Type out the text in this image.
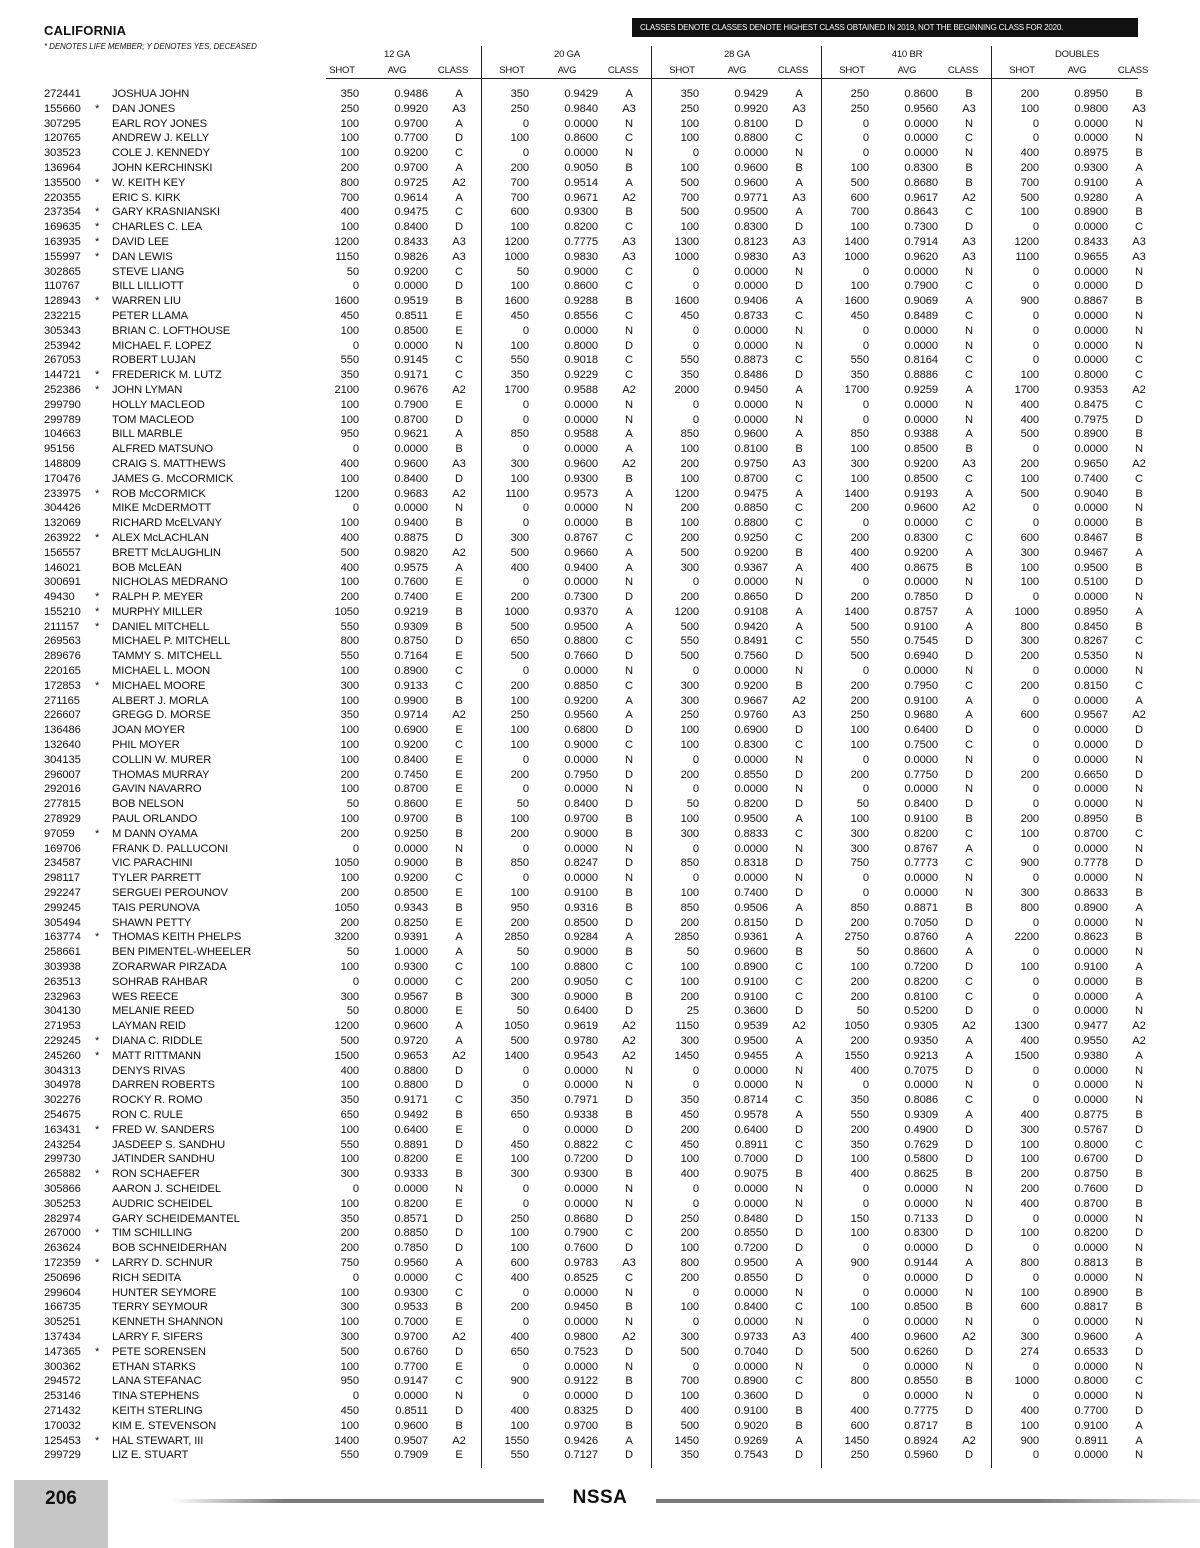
CALIFORNIA
* DENOTES LIFE MEMBER; Y DENOTES YES, DECEASED
CLASSES DENOTE CLASSES DENOTE HIGHEST CLASS OBTAINED IN 2019, NOT THE BEGINNING CLASS FOR 2020.
12 GA
SHOT	AVG	CLASS
20 GA
SHOT	AVG	CLASS
28 GA
SHOT	AVG	CLASS
410 BR
SHOT	AVG	CLASS
DOUBLES
SHOT	AVG	CLASS
272441	JOSHUA JOHN	350	0.9486	A	350	0.9429	A	350	0.9429	A	250	0.8600	B	200	0.8950	B
155660 * DAN JONES	250	0.9920	A3	250	0.9840	A3	250	0.9920	A3	250	0.9560	A3	100	0.9800	A3
307295	EARL ROY JONES	100	0.9700	A	0	0.0000	N	100	0.8100	D	0	0.0000	N	0	0.0000	N
120765	ANDREW J. KELLY	100	0.7700	D	100	0.8600	C	100	0.8800	C	0	0.0000	C	0	0.0000	N
303523	COLE J. KENNEDY	100	0.9200	C	0	0.0000	N	0	0.0000	N	0	0.0000	N	400	0.8975	B
136964	JOHN KERCHINSKI	200	0.9700	A	200	0.9050	B	100	0.9600	B	100	0.8300	B	200	0.9300	A
135500 * W. KEITH KEY	800	0.9725	A2	700	0.9514	A	500	0.9600	A	500	0.8680	B	700	0.9100	A
220355	ERIC S. KIRK	700	0.9614	A	700	0.9671	A2	700	0.9771	A3	600	0.9617	A2	500	0.9280	A
237354 * GARY KRASNIANSKI	400	0.9475	C	600	0.9300	B	500	0.9500	A	700	0.8643	C	100	0.8900	B
169635 * CHARLES C. LEA	100	0.8400	D	100	0.8200	C	100	0.8300	D	100	0.7300	D	0	0.0000	C
163935 * DAVID LEE	1200	0.8433	A3	1200	0.7775	A3	1300	0.8123	A3	1400	0.7914	A3	1200	0.8433	A3
155997 * DAN LEWIS	1150	0.9826	A3	1000	0.9830	A3	1000	0.9830	A3	1000	0.9620	A3	1100	0.9655	A3
302865	STEVE LIANG	50	0.9200	C	50	0.9000	C	0	0.0000	N	0	0.0000	N	0	0.0000	N
110767	BILL LILLIOTT	0	0.0000	D	100	0.8600	C	0	0.0000	D	100	0.7900	C	0	0.0000	D
128943 * WARREN LIU	1600	0.9519	B	1600	0.9288	B	1600	0.9406	A	1600	0.9069	A	900	0.8867	B
232215	PETER LLAMA	450	0.8511	E	450	0.8556	C	450	0.8733	C	450	0.8489	C	0	0.0000	N
305343	BRIAN C. LOFTHOUSE	100	0.8500	E	0	0.0000	N	0	0.0000	N	0	0.0000	N	0	0.0000	N
253942	MICHAEL F. LOPEZ	0	0.0000	N	100	0.8000	D	0	0.0000	N	0	0.0000	N	0	0.0000	N
267053	ROBERT LUJAN	550	0.9145	C	550	0.9018	C	550	0.8873	C	550	0.8164	C	0	0.0000	C
144721 * FREDERICK M. LUTZ	350	0.9171	C	350	0.9229	C	350	0.8486	D	350	0.8886	C	100	0.8000	C
252386 * JOHN LYMAN	2100	0.9676	A2	1700	0.9588	A2	2000	0.9450	A	1700	0.9259	A	1700	0.9353	A2
299790	HOLLY MACLEOD	100	0.7900	E	0	0.0000	N	0	0.0000	N	0	0.0000	N	400	0.8475	C
299789	TOM MACLEOD	100	0.8700	D	0	0.0000	N	0	0.0000	N	0	0.0000	N	400	0.7975	D
104663	BILL MARBLE	950	0.9621	A	850	0.9588	A	850	0.9600	A	850	0.9388	A	500	0.8900	B
95156	ALFRED MATSUNO	0	0.0000	B	0	0.0000	A	100	0.8100	B	100	0.8500	B	0	0.0000	N
148809	CRAIG S. MATTHEWS	400	0.9600	A3	300	0.9600	A2	200	0.9750	A3	300	0.9200	A3	200	0.9650	A2
170476	JAMES G. McCORMICK	100	0.8400	D	100	0.9300	B	100	0.8700	C	100	0.8500	C	100	0.7400	C
233975 * ROB McCORMICK	1200	0.9683	A2	1100	0.9573	A	1200	0.9475	A	1400	0.9193	A	500	0.9040	B
304426	MIKE McDERMOTT	0	0.0000	N	0	0.0000	N	200	0.8850	C	200	0.9600	A2	0	0.0000	N
132069	RICHARD McELVANY	100	0.9400	B	0	0.0000	B	100	0.8800	C	0	0.0000	C	0	0.0000	B
263922 * ALEX McLACHLAN	400	0.8875	D	300	0.8767	C	200	0.9250	C	200	0.8300	C	600	0.8467	B
156557	BRETT McLAUGHLIN	500	0.9820	A2	500	0.9660	A	500	0.9200	B	400	0.9200	A	300	0.9467	A
146021	BOB McLEAN	400	0.9575	A	400	0.9400	A	300	0.9367	A	400	0.8675	B	100	0.9500	B
300691	NICHOLAS MEDRANO	100	0.7600	E	0	0.0000	N	0	0.0000	N	0	0.0000	N	100	0.5100	D
49430 * RALPH P. MEYER	200	0.7400	E	200	0.7300	D	200	0.8650	D	200	0.7850	D	0	0.0000	N
155210 * MURPHY MILLER	1050	0.9219	B	1000	0.9370	A	1200	0.9108	A	1400	0.8757	A	1000	0.8950	A
211157 * DANIEL MITCHELL	550	0.9309	B	500	0.9500	A	500	0.9420	A	500	0.9100	A	800	0.8450	B
269563	MICHAEL P. MITCHELL	800	0.8750	D	650	0.8800	C	550	0.8491	C	550	0.7545	D	300	0.8267	C
289676	TAMMY S. MITCHELL	550	0.7164	E	500	0.7660	D	500	0.7560	D	500	0.6940	D	200	0.5350	N
220165	MICHAEL L. MOON	100	0.8900	C	0	0.0000	N	0	0.0000	N	0	0.0000	N	0	0.0000	N
172853 * MICHAEL MOORE	300	0.9133	C	200	0.8850	C	300	0.9200	B	200	0.7950	C	200	0.8150	C
271165	ALBERT J. MORLA	100	0.9900	B	100	0.9200	A	300	0.9667	A2	200	0.9100	A	0	0.0000	A
226607	GREGG D. MORSE	350	0.9714	A2	250	0.9560	A	250	0.9760	A3	250	0.9680	A	600	0.9567	A2
136486	JOAN MOYER	100	0.6900	E	100	0.6800	D	100	0.6900	D	100	0.6400	D	0	0.0000	D
132640	PHIL MOYER	100	0.9200	C	100	0.9000	C	100	0.8300	C	100	0.7500	C	0	0.0000	D
304135	COLLIN W. MURER	100	0.8400	E	0	0.0000	N	0	0.0000	N	0	0.0000	N	0	0.0000	N
296007	THOMAS MURRAY	200	0.7450	E	200	0.7950	D	200	0.8550	D	200	0.7750	D	200	0.6650	D
292016	GAVIN NAVARRO	100	0.8700	E	0	0.0000	N	0	0.0000	N	0	0.0000	N	0	0.0000	N
277815	BOB NELSON	50	0.8600	E	50	0.8400	D	50	0.8200	D	50	0.8400	D	0	0.0000	N
278929	PAUL ORLANDO	100	0.9700	B	100	0.9700	B	100	0.9500	A	100	0.9100	B	200	0.8950	B
97059 * M DANN OYAMA	200	0.9250	B	200	0.9000	B	300	0.8833	C	300	0.8200	C	100	0.8700	C
169706	FRANK D. PALLUCONI	0	0.0000	N	0	0.0000	N	0	0.0000	N	300	0.8767	A	0	0.0000	N
234587	VIC PARACHINI	1050	0.9000	B	850	0.8247	D	850	0.8318	D	750	0.7773	C	900	0.7778	D
298117	TYLER PARRETT	100	0.9200	C	0	0.0000	N	0	0.0000	N	0	0.0000	N	0	0.0000	N
292247	SERGUEI PEROUNOV	200	0.8500	E	100	0.9100	B	100	0.7400	D	0	0.0000	N	300	0.8633	B
299245	TAIS PERUNOVA	1050	0.9343	B	950	0.9316	B	850	0.9506	A	850	0.8871	B	800	0.8900	A
305494	SHAWN PETTY	200	0.8250	E	200	0.8500	D	200	0.8150	D	200	0.7050	D	0	0.0000	N
163774 * THOMAS KEITH PHELPS	3200	0.9391	A	2850	0.9284	A	2850	0.9361	A	2750	0.8760	A	2200	0.8623	B
258661	BEN PIMENTEL-WHEELER	50	1.0000	A	50	0.9000	B	50	0.9600	B	50	0.8600	A	0	0.0000	N
303938	ZORARWAR PIRZADA	100	0.9300	C	100	0.8800	C	100	0.8900	C	100	0.7200	D	100	0.9100	A
263513	SOHRAB RAHBAR	0	0.0000	C	200	0.9050	C	100	0.9100	C	200	0.8200	C	0	0.0000	B
232963	WES REECE	300	0.9567	B	300	0.9000	B	200	0.9100	C	200	0.8100	C	0	0.0000	A
304130	MELANIE REED	50	0.8000	E	50	0.6400	D	25	0.3600	D	50	0.5200	D	0	0.0000	N
271953	LAYMAN REID	1200	0.9600	A	1050	0.9619	A2	1150	0.9539	A2	1050	0.9305	A2	1300	0.9477	A2
229245 * DIANA C. RIDDLE	500	0.9720	A	500	0.9780	A2	300	0.9500	A	200	0.9350	A	400	0.9550	A2
245260 * MATT RITTMANN	1500	0.9653	A2	1400	0.9543	A2	1450	0.9455	A	1550	0.9213	A	1500	0.9380	A
304313	DENYS RIVAS	400	0.8800	D	0	0.0000	N	0	0.0000	N	400	0.7075	D	0	0.0000	N
304978	DARREN ROBERTS	100	0.8800	D	0	0.0000	N	0	0.0000	N	0	0.0000	N	0	0.0000	N
302276	ROCKY R. ROMO	350	0.9171	C	350	0.7971	D	350	0.8714	C	350	0.8086	C	0	0.0000	N
254675	RON C. RULE	650	0.9492	B	650	0.9338	B	450	0.9578	A	550	0.9309	A	400	0.8775	B
163431 * FRED W. SANDERS	100	0.6400	E	0	0.0000	D	200	0.6400	D	200	0.4900	D	300	0.5767	D
243254	JASDEEP S. SANDHU	550	0.8891	D	450	0.8822	C	450	0.8911	C	350	0.7629	D	100	0.8000	C
299730	JATINDER SANDHU	100	0.8200	E	100	0.7200	D	100	0.7000	D	100	0.5800	D	100	0.6700	D
265882 * RON SCHAEFER	300	0.9333	B	300	0.9300	B	400	0.9075	B	400	0.8625	B	200	0.8750	B
305866	AARON J. SCHEIDEL	0	0.0000	N	0	0.0000	N	0	0.0000	N	0	0.0000	N	200	0.7600	D
305253	AUDRIC SCHEIDEL	100	0.8200	E	0	0.0000	N	0	0.0000	N	0	0.0000	N	400	0.8700	B
282974	GARY SCHEIDEMANTEL	350	0.8571	D	250	0.8680	D	250	0.8480	D	150	0.7133	D	0	0.0000	N
267000 * TIM SCHILLING	200	0.8850	D	100	0.7900	C	200	0.8550	D	100	0.8300	D	100	0.8200	D
263624	BOB SCHNEIDERHAN	200	0.7850	D	100	0.7600	D	100	0.7200	D	0	0.0000	D	0	0.0000	N
172359 * LARRY D. SCHNUR	750	0.9560	A	600	0.9783	A3	800	0.9500	A	900	0.9144	A	800	0.8813	B
250696	RICH SEDITA	0	0.0000	C	400	0.8525	C	200	0.8550	D	0	0.0000	D	0	0.0000	N
299604	HUNTER SEYMORE	100	0.9300	C	0	0.0000	N	0	0.0000	N	0	0.0000	N	100	0.8900	B
166735	TERRY SEYMOUR	300	0.9533	B	200	0.9450	B	100	0.8400	C	100	0.8500	B	600	0.8817	B
305251	KENNETH SHANNON	100	0.7000	E	0	0.0000	N	0	0.0000	N	0	0.0000	N	0	0.0000	N
137434	LARRY F. SIFERS	300	0.9700	A2	400	0.9800	A2	300	0.9733	A3	400	0.9600	A2	300	0.9600	A
147365 * PETE SORENSEN	500	0.6760	D	650	0.7523	D	500	0.7040	D	500	0.6260	D	274	0.6533	D
300362	ETHAN STARKS	100	0.7700	E	0	0.0000	N	0	0.0000	N	0	0.0000	N	0	0.0000	N
294572	LANA STEFANAC	950	0.9147	C	900	0.9122	B	700	0.8900	C	800	0.8550	B	1000	0.8000	C
253146	TINA STEPHENS	0	0.0000	N	0	0.0000	D	100	0.3600	D	0	0.0000	N	0	0.0000	N
271432	KEITH STERLING	450	0.8511	D	400	0.8325	D	400	0.9100	B	400	0.7775	D	400	0.7700	D
170032	KIM E. STEVENSON	100	0.9600	B	100	0.9700	B	500	0.9020	B	600	0.8717	B	100	0.9100	A
125453 * HAL STEWART, III	1400	0.9507	A2	1550	0.9426	A	1450	0.9269	A	1450	0.8924	A2	900	0.8911	A
299729	LIZ E. STUART	550	0.7909	E	550	0.7127	D	350	0.7543	D	250	0.5960	D	0	0.0000	N
206	NSSA
